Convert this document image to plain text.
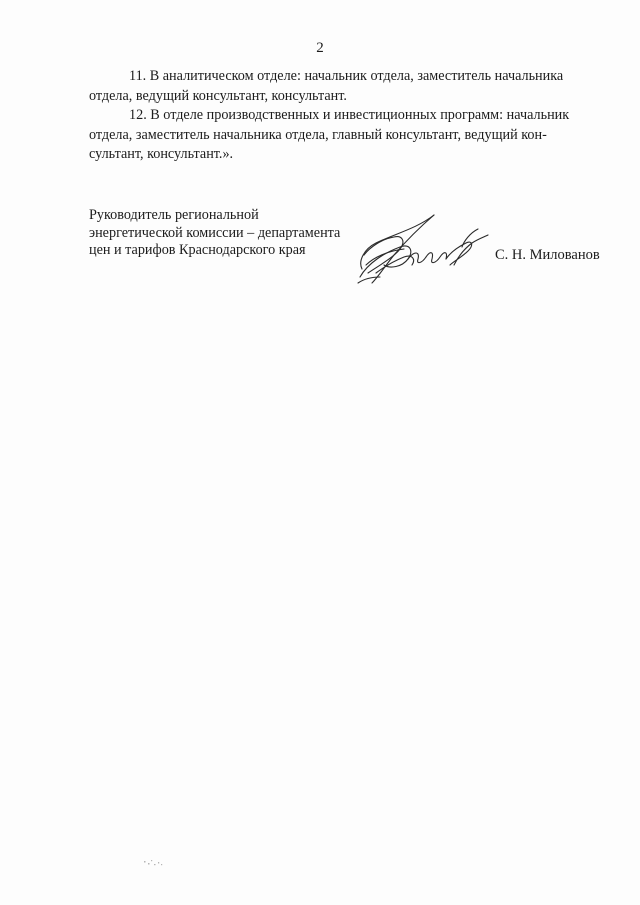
2

11. В аналитическом отделе: начальник отдела, заместитель начальника
отдела, ведущий консультант, консультант.

12. В отделе производственных и инвестиционных программ: начальник
отдела, заместитель начальника отдела, главный консультант, ведущий кон-
сультант, консультант.».

Руководитель региональной
энергетической комиссии – департамента
цен и тарифов Краснодарского края	С. Н. Милованов
